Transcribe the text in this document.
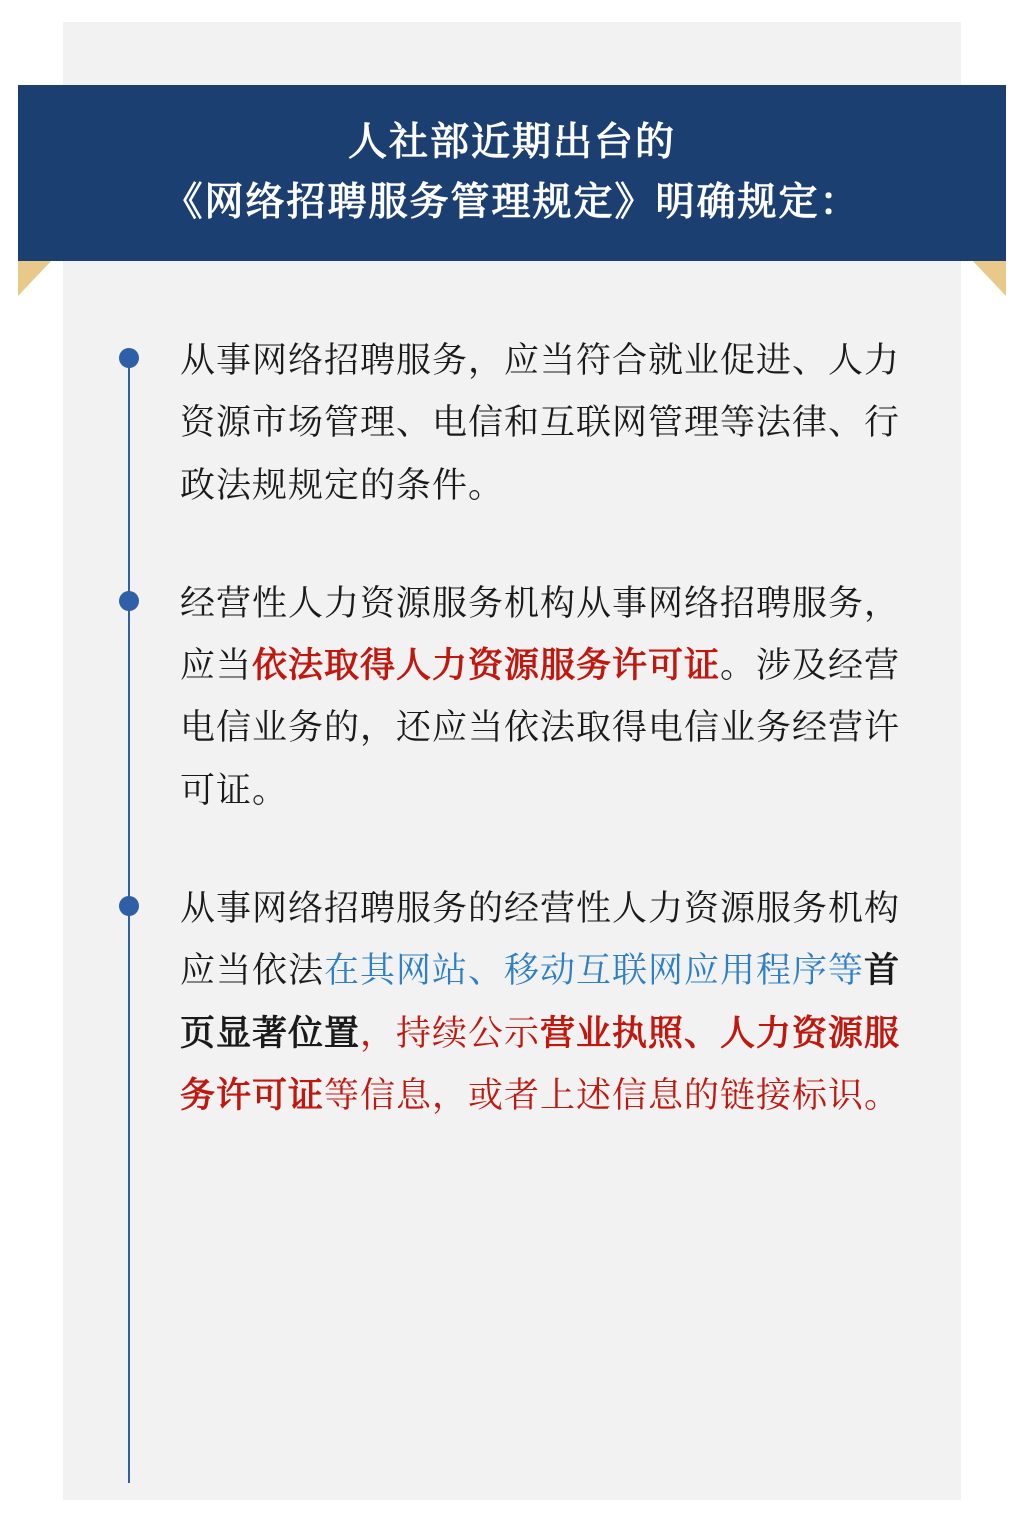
人社部近期出台的
《网络招聘服务管理规定》明确规定：

从事网络招聘服务，应当符合就业促进、人力资源市场管理、电信和互联网管理等法律、行政法规规定的条件。

经营性人力资源服务机构从事网络招聘服务，应当依法取得人力资源服务许可证。涉及经营电信业务的，还应当依法取得电信业务经营许可证。

从事网络招聘服务的经营性人力资源服务机构应当依法在其网站、移动互联网应用程序等首页显著位置，持续公示营业执照、人力资源服务许可证等信息，或者上述信息的链接标识。
